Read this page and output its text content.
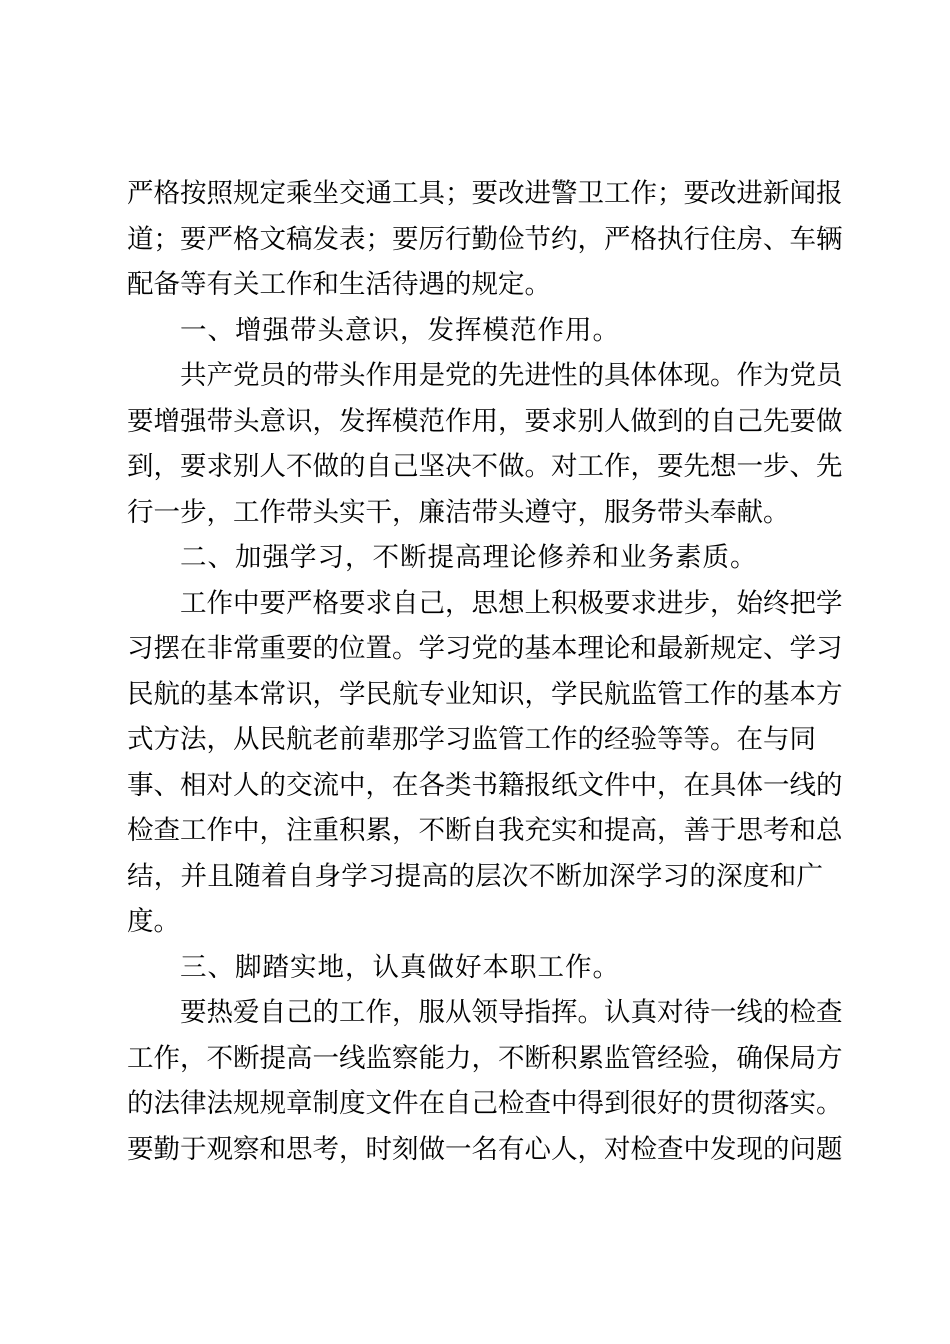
严格按照规定乘坐交通工具；要改进警卫工作；要改进新闻报
道；要严格文稿发表；要厉行勤俭节约，严格执行住房、车辆
配备等有关工作和生活待遇的规定。
一、增强带头意识，发挥模范作用。
共产党员的带头作用是党的先进性的具体体现。作为党员
要增强带头意识，发挥模范作用，要求别人做到的自己先要做
到，要求别人不做的自己坚决不做。对工作，要先想一步、先
行一步，工作带头实干，廉洁带头遵守，服务带头奉献。
二、加强学习，不断提高理论修养和业务素质。
工作中要严格要求自己，思想上积极要求进步，始终把学
习摆在非常重要的位置。学习党的基本理论和最新规定、学习
民航的基本常识，学民航专业知识，学民航监管工作的基本方
式方法，从民航老前辈那学习监管工作的经验等等。在与同
事、相对人的交流中，在各类书籍报纸文件中，在具体一线的
检查工作中，注重积累，不断自我充实和提高，善于思考和总
结，并且随着自身学习提高的层次不断加深学习的深度和广
度。
三、脚踏实地，认真做好本职工作。
要热爱自己的工作，服从领导指挥。认真对待一线的检查
工作，不断提高一线监察能力，不断积累监管经验，确保局方
的法律法规规章制度文件在自己检查中得到很好的贯彻落实。
要勤于观察和思考，时刻做一名有心人，对检查中发现的问题
